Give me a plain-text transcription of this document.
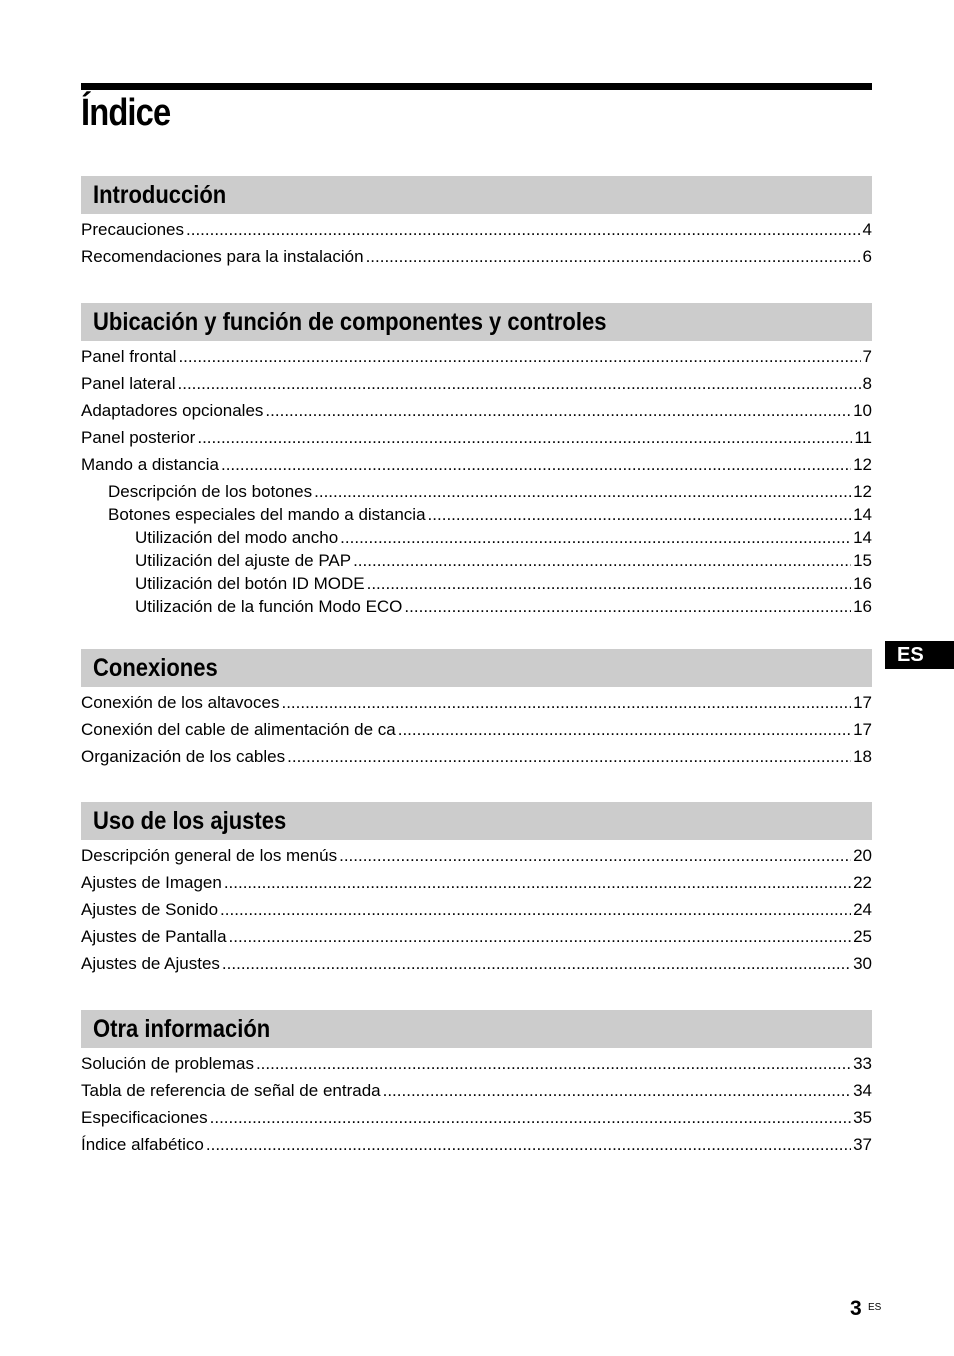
Índice
Introducción
Precauciones .....	4
Recomendaciones para la instalación .....	6
Ubicación y función de componentes y controles
Panel frontal .....	7
Panel lateral .....	8
Adaptadores opcionales .....	10
Panel posterior .....	11
Mando a distancia .....	12
Descripción de los botones .....	12
Botones especiales del mando a distancia .....	14
Utilización del modo ancho .....	14
Utilización del ajuste de PAP .....	15
Utilización del botón ID MODE .....	16
Utilización de la función Modo ECO .....	16
Conexiones
Conexión de los altavoces .....	17
Conexión del cable de alimentación de ca .....	17
Organización de los cables .....	18
Uso de los ajustes
Descripción general de los menús .....	20
Ajustes de Imagen .....	22
Ajustes de Sonido .....	24
Ajustes de Pantalla .....	25
Ajustes de Ajustes .....	30
Otra información
Solución de problemas .....	33
Tabla de referencia de señal de entrada .....	34
Especificaciones .....	35
Índice alfabético .....	37
ES
3 ES
